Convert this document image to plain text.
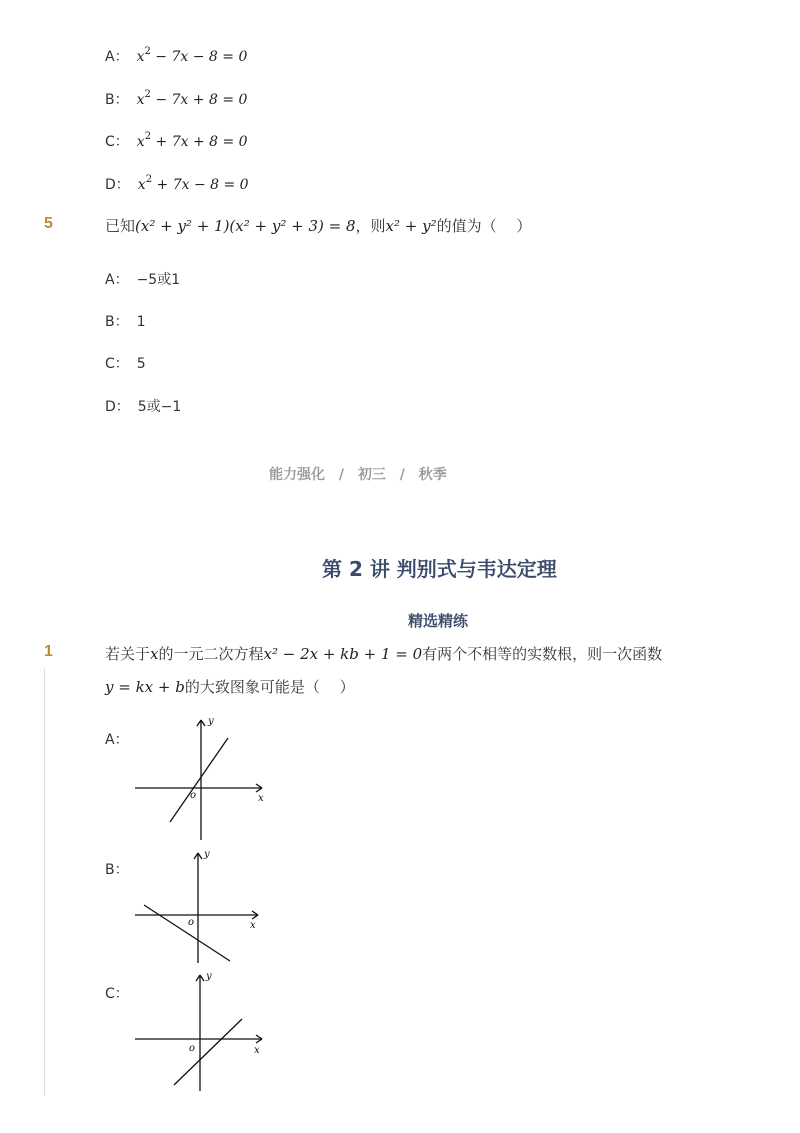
A： $x^2 - 7x - 8 = 0$
B： $x^2 - 7x + 8 = 0$
C： $x^2 + 7x + 8 = 0$
D： $x^2 + 7x - 8 = 0$
5	已知(x² + y² + 1)(x² + y² + 3) = 8，则x² + y²的值为（　 ）
A： −5或1
B： 1
C： 5
D： 5或−1
能力强化 / 初三 / 秋季
第 2 讲 判别式与韦达定理
精选精练
1	若关于x的一元二次方程x² − 2x + kb + 1 = 0有两个不相等的实数根，则一次函数
y = kx + b的大致图象可能是（　 ）
A：
y
x
o
B：
y
x
o
C：
y
x
o
